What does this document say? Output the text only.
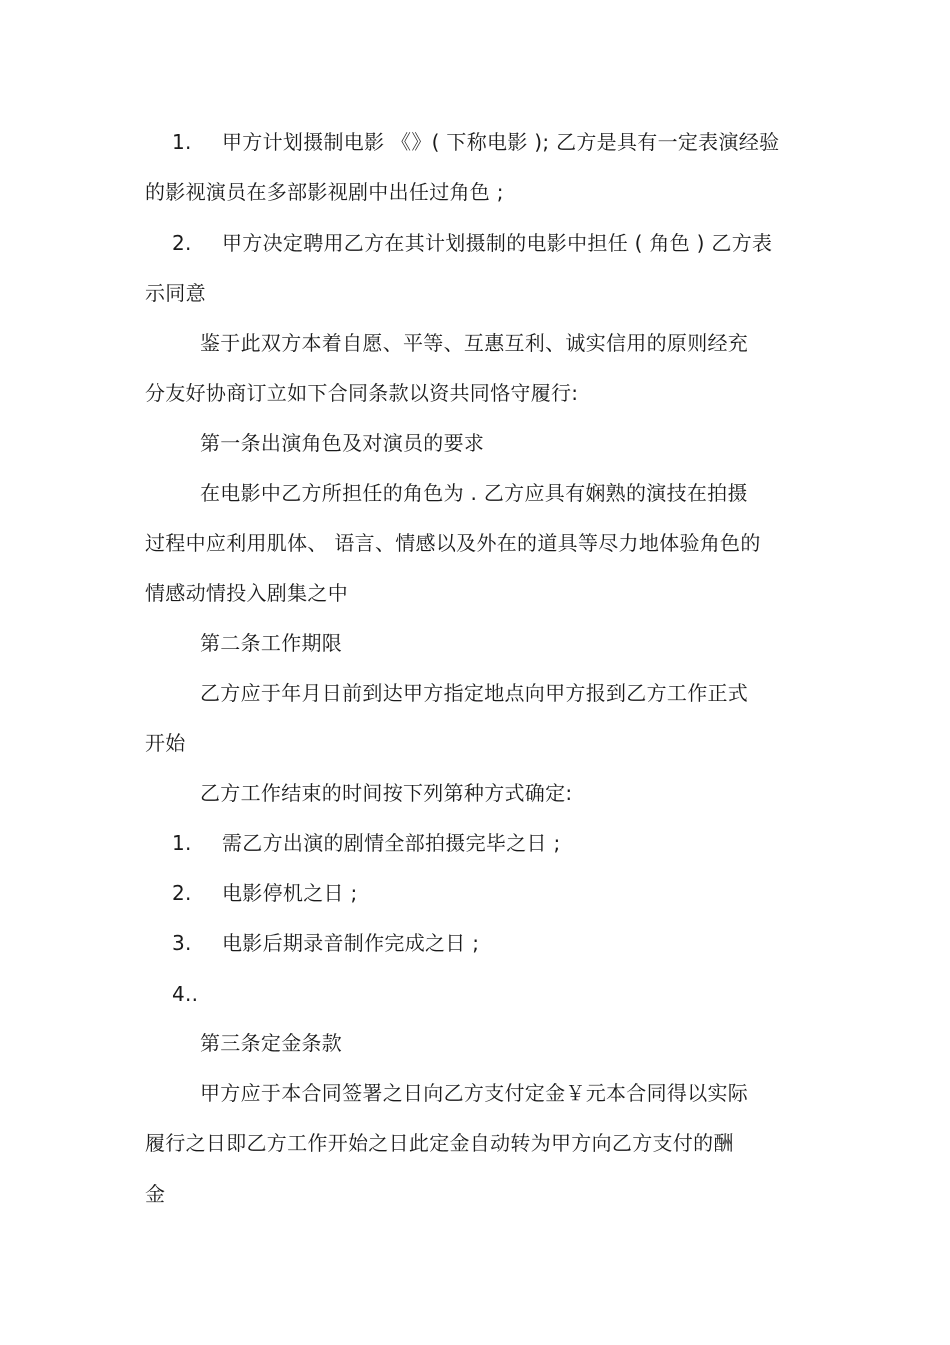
1. 甲方计划摄制电影 《》( 下称电影 ); 乙方是具有一定表演经验
的影视演员在多部影视剧中出任过角色 ;
2. 甲方决定聘用乙方在其计划摄制的电影中担任 ( 角色 ) 乙方表
示同意
鉴于此双方本着自愿、平等、互惠互利、诚实信用的原则经充
分友好协商订立如下合同条款以资共同恪守履行:
第一条出演角色及对演员的要求
在电影中乙方所担任的角色为 . 乙方应具有娴熟的演技在拍摄
过程中应利用肌体、 语言、情感以及外在的道具等尽力地体验角色的
情感动情投入剧集之中
第二条工作期限
乙方应于年月日前到达甲方指定地点向甲方报到乙方工作正式
开始
乙方工作结束的时间按下列第种方式确定:
1. 需乙方出演的剧情全部拍摄完毕之日 ;
2. 电影停机之日 ;
3. 电影后期录音制作完成之日 ;
4..
第三条定金条款
甲方应于本合同签署之日向乙方支付定金￥元本合同得以实际
履行之日即乙方工作开始之日此定金自动转为甲方向乙方支付的酬
金
